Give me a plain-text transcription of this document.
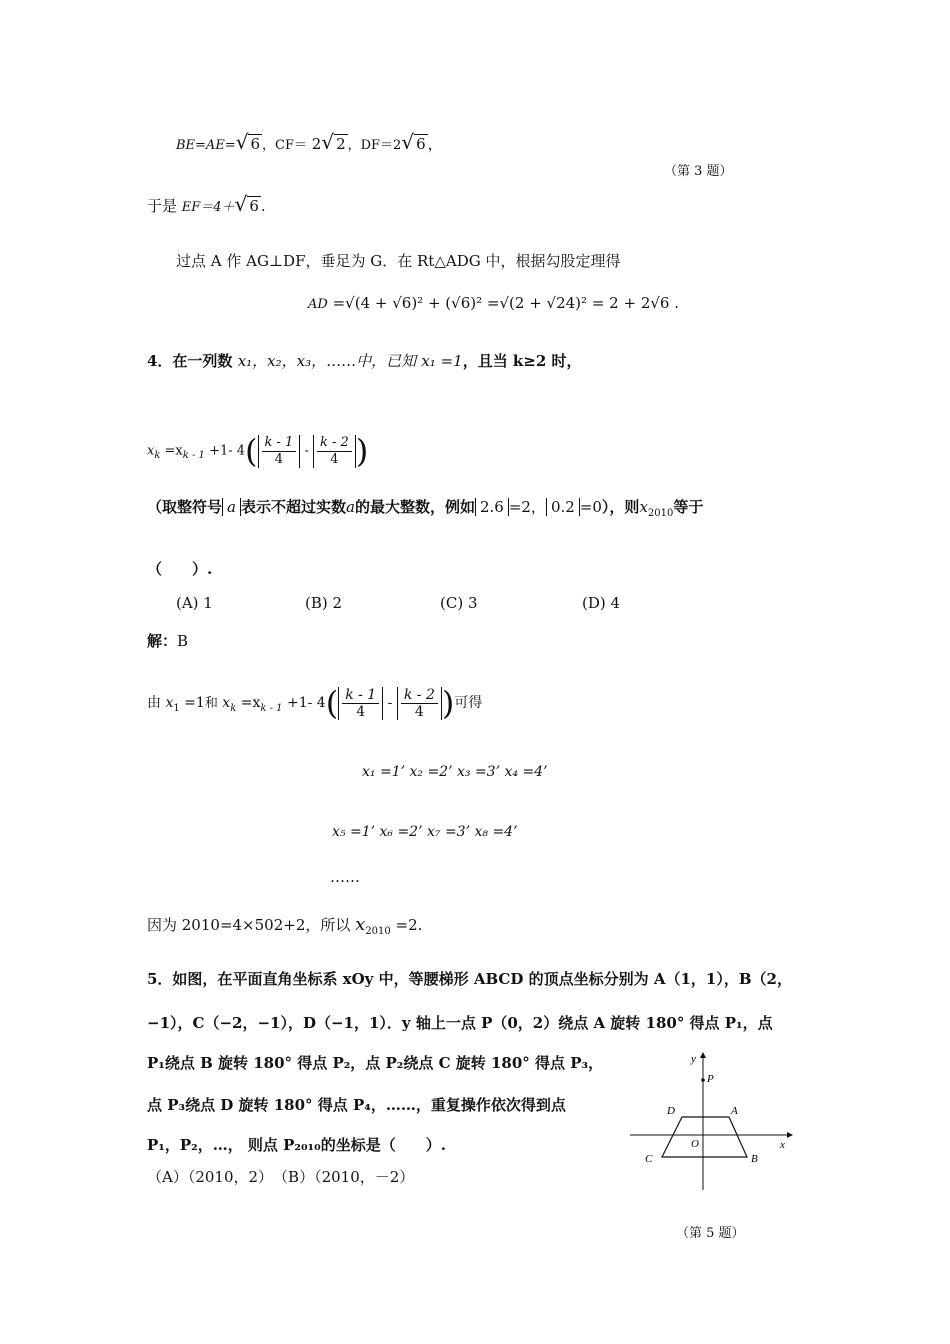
BE=AE=√ 6 ，CF＝ 2√ 2 ，DF＝2√ 6 ，
（第 3 题）
于是 EF＝4＋√ 6 .
过点 A 作 AG⊥DF，垂足为 G．在 Rt△ADG 中，根据勾股定理得
AD =√(4 + √6)² + (√6)² =√(2 + √24)² = 2 + 2√6 .
4．在一列数 x₁，x₂，x₃，……中，已知 x₁ =1，且当 k≥2 时，
$x_k =x_{k - 1} +1-$ $4( \frac{k - 1}{4} - \frac{k - 2}{4}$ )
（取整符号 a 表示不超过实数a的最大整数，例如 2.6 =2， 0.2 =0），则$x_{2010}$等于
（　　）.
(A) 1	(B) 2	(C) 3	(D) 4
解：B
由 $x_1 =1$和 $x_k =x_{k - 1} +1-$ $4( \frac{k - 1}{4} - \frac{k - 2}{4}$ )可得
x₁ =1’ x₂ =2’ x₃ =3’ x₄ =4’
x₅ =1’ x₆ =2’ x₇ =3’ x₈ =4’
……
因为 2010=4×502+2，所以 $x_{2010} =2$.
5．如图，在平面直角坐标系 xOy 中，等腰梯形 ABCD 的顶点坐标分别为 A（1，1），B（2，
−1），C（−2，−1），D（−1，1）．y 轴上一点 P（0，2）绕点 A 旋转 180° 得点 P₁，点
P₁绕点 B 旋转 180° 得点 P₂，点 P₂绕点 C 旋转 180° 得点 P₃，
点 P₃绕点 D 旋转 180° 得点 P₄，……，重复操作依次得到点
P₁，P₂，…， 则点 P₂₀₁₀的坐标是（　　）.
（A）（2010，2）　（B）（2010，－2）
y
x
P
D	A
O
C	B
（第 5 题）
